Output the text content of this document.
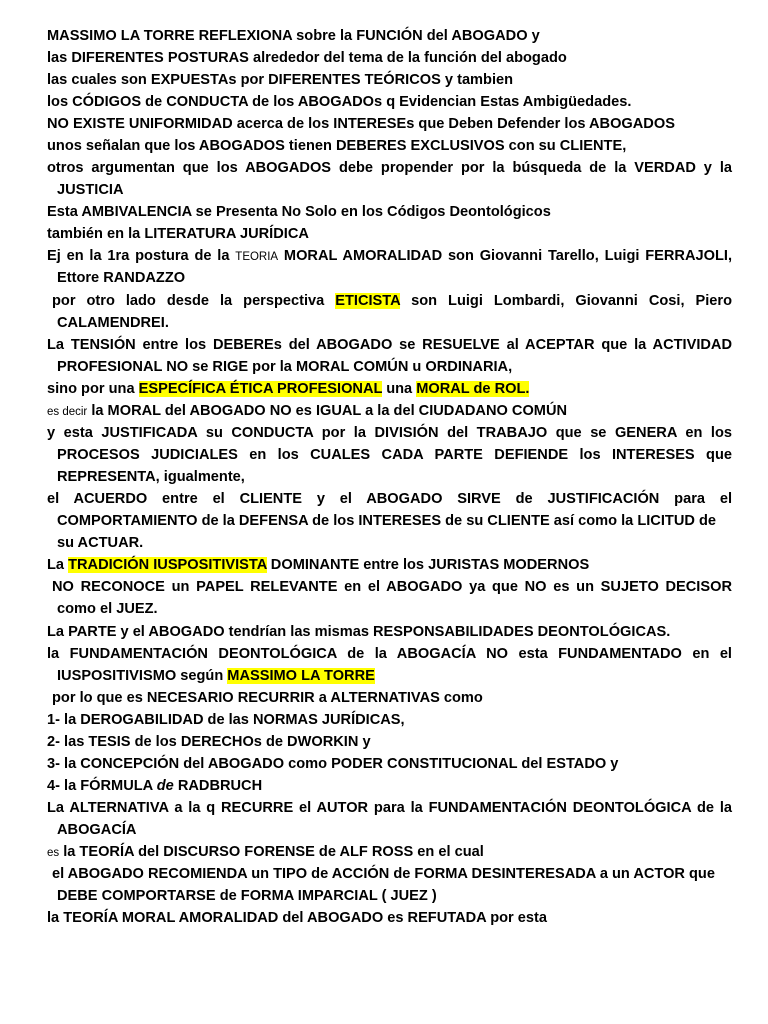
MASSIMO LA TORRE REFLEXIONA sobre la FUNCIÓN del ABOGADO y
las DIFERENTES POSTURAS alrededor del tema de la función del abogado
las cuales son EXPUESTAs por DIFERENTES TEÓRICOS y tambien
los CÓDIGOS de CONDUCTA de los ABOGADOs q Evidencian Estas Ambigüedades.
NO EXISTE UNIFORMIDAD acerca de los INTERESEs que Deben Defender los ABOGADOS
unos señalan que los ABOGADOS tienen DEBERES EXCLUSIVOS con su CLIENTE,
otros argumentan que los ABOGADOS debe propender por la búsqueda de la VERDAD y la
JUSTICIA
Esta AMBIVALENCIA se Presenta No Solo en los Códigos Deontológicos
también en la LITERATURA JURÍDICA
Ej en la 1ra postura de la TEORIA MORAL AMORALIDAD son Giovanni Tarello, Luigi FERRAJOLI,
Ettore RANDAZZO
por otro lado desde la perspectiva ETICISTA son Luigi Lombardi, Giovanni Cosi, Piero
CALAMENDREI.
La TENSIÓN entre los DEBEREs del ABOGADO se RESUELVE al ACEPTAR que la ACTIVIDAD
PROFESIONAL NO se RIGE por la MORAL COMÚN u ORDINARIA,
sino por una ESPECÍFICA ÉTICA PROFESIONAL una MORAL de ROL.
es decir la MORAL del ABOGADO NO es IGUAL a la del CIUDADANO COMÚN
y esta JUSTIFICADA su CONDUCTA por la DIVISIÓN del TRABAJO que se GENERA en los
PROCESOS JUDICIALES en los CUALES CADA PARTE DEFIENDE los INTERESES que
REPRESENTA, igualmente,
el ACUERDO entre el CLIENTE y el ABOGADO SIRVE de JUSTIFICACIÓN para el
COMPORTAMIENTO de la DEFENSA de los INTERESES de su CLIENTE así como la LICITUD de
su ACTUAR.
La TRADICIÓN IUSPOSITIVISTA DOMINANTE entre los JURISTAS MODERNOS
NO RECONOCE un PAPEL RELEVANTE en el ABOGADO ya que NO es un SUJETO DECISOR
como el JUEZ.
La PARTE y el ABOGADO tendrían las mismas RESPONSABILIDADES DEONTOLÓGICAS.
la FUNDAMENTACIÓN DEONTOLÓGICA de la ABOGACÍA NO esta FUNDAMENTADO en el
IUSPOSITIVISMO según MASSIMO LA TORRE
por lo que es NECESARIO RECURRIR a ALTERNATIVAS como
1- la DEROGABILIDAD de las NORMAS JURÍDICAS,
2- las TESIS de los DERECHOs de DWORKIN y
3- la CONCEPCIÓN del ABOGADO como PODER CONSTITUCIONAL del ESTADO y
4- la FÓRMULA de RADBRUCH
La ALTERNATIVA a la q RECURRE el AUTOR para la FUNDAMENTACIÓN DEONTOLÓGICA de la
ABOGACÍA
es la TEORÍA del DISCURSO FORENSE de ALF ROSS en el cual
el ABOGADO RECOMIENDA un TIPO de ACCIÓN de FORMA DESINTERESADA a un ACTOR que
DEBE COMPORTARSE de FORMA IMPARCIAL ( JUEZ )
la TEORÍA MORAL AMORALIDAD del ABOGADO es REFUTADA por esta
